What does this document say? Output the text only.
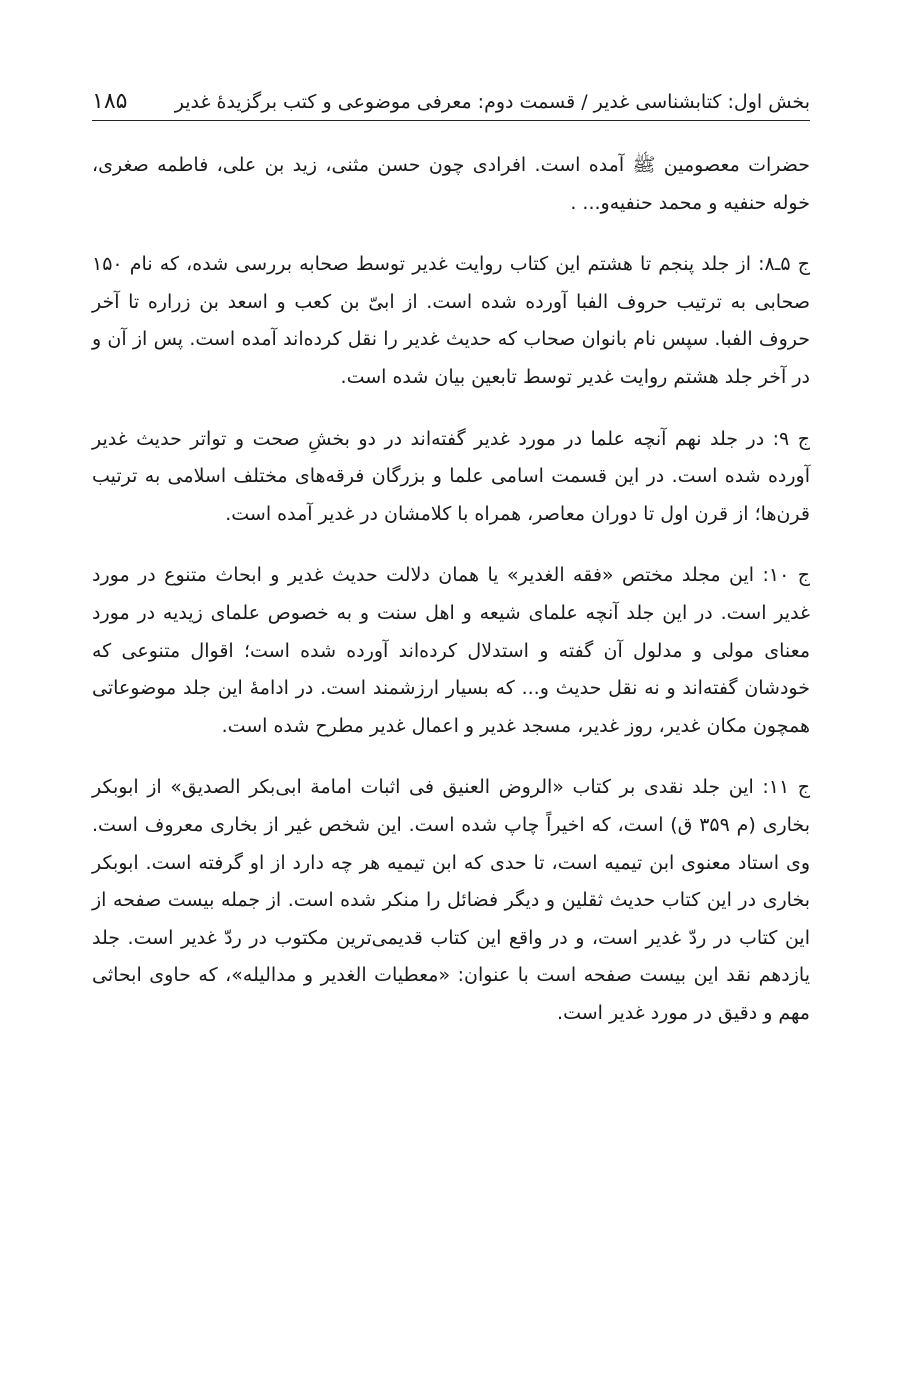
بخش اول: کتابشناسی غدیر / قسمت دوم: معرفی موضوعی و کتب برگزیدهٔ غدیر
۱۸۵

حضرات معصومین ﷺ آمده است. افرادی چون حسن مثنی، زید بن علی، فاطمه صغری، خوله حنفیه و محمد حنفیه‌و... .

ج ۵ـ۸: از جلد پنجم تا هشتم این کتاب روایت غدیر توسط صحابه بررسی شده، که نام ۱۵۰ صحابی به ترتیب حروف الفبا آورده شده است. از ابیّ بن کعب و اسعد بن زراره تا آخر حروف الفبا. سپس نام بانوان صحاب که حدیث غدیر را نقل کرده‌اند آمده است. پس از آن و در آخر جلد هشتم روایت غدیر توسط تابعین بیان شده است.

ج ۹: در جلد نهم آنچه علما در مورد غدیر گفته‌اند در دو بخشِ صحت و تواتر حدیث غدیر آورده شده است. در این قسمت اسامی علما و بزرگان فرقه‌های مختلف اسلامی به ترتیب قرن‌ها؛ از قرن اول تا دوران معاصر، همراه با کلامشان در غدیر آمده است.

ج ۱۰: این مجلد مختص «فقه الغدیر» یا همان دلالت حدیث غدیر و ابحاث متنوع در مورد غدیر است. در این جلد آنچه علمای شیعه و اهل سنت و به خصوص علمای زیدیه در مورد معنای مولی و مدلول آن گفته و استدلال کرده‌اند آورده شده است؛ اقوال متنوعی که خودشان گفته‌اند و نه نقل حدیث و... که بسیار ارزشمند است. در ادامهٔ این جلد موضوعاتی همچون مکان غدیر، روز غدیر، مسجد غدیر و اعمال غدیر مطرح شده است.

ج ۱۱: این جلد نقدی بر کتاب «الروض العنیق فی اثبات امامة ابی‌بکر الصدیق» از ابوبکر بخاری (م ۳۵۹ ق) است، که اخیراً چاپ شده است. این شخص غیر از بخاری معروف است. وی استاد معنوی ابن تیمیه است، تا حدی که ابن تیمیه هر چه دارد از او گرفته است. ابوبکر بخاری در این کتاب حدیث ثقلین و دیگر فضائل را منکر شده است. از جمله بیست صفحه از این کتاب در ردّ غدیر است، و در واقع این کتاب قدیمی‌ترین مکتوب در ردّ غدیر است. جلد یازدهم نقد این بیست صفحه است با عنوان: «معطیات الغدیر و مدالیله»، که حاوی ابحاثی مهم و دقیق در مورد غدیر است.
